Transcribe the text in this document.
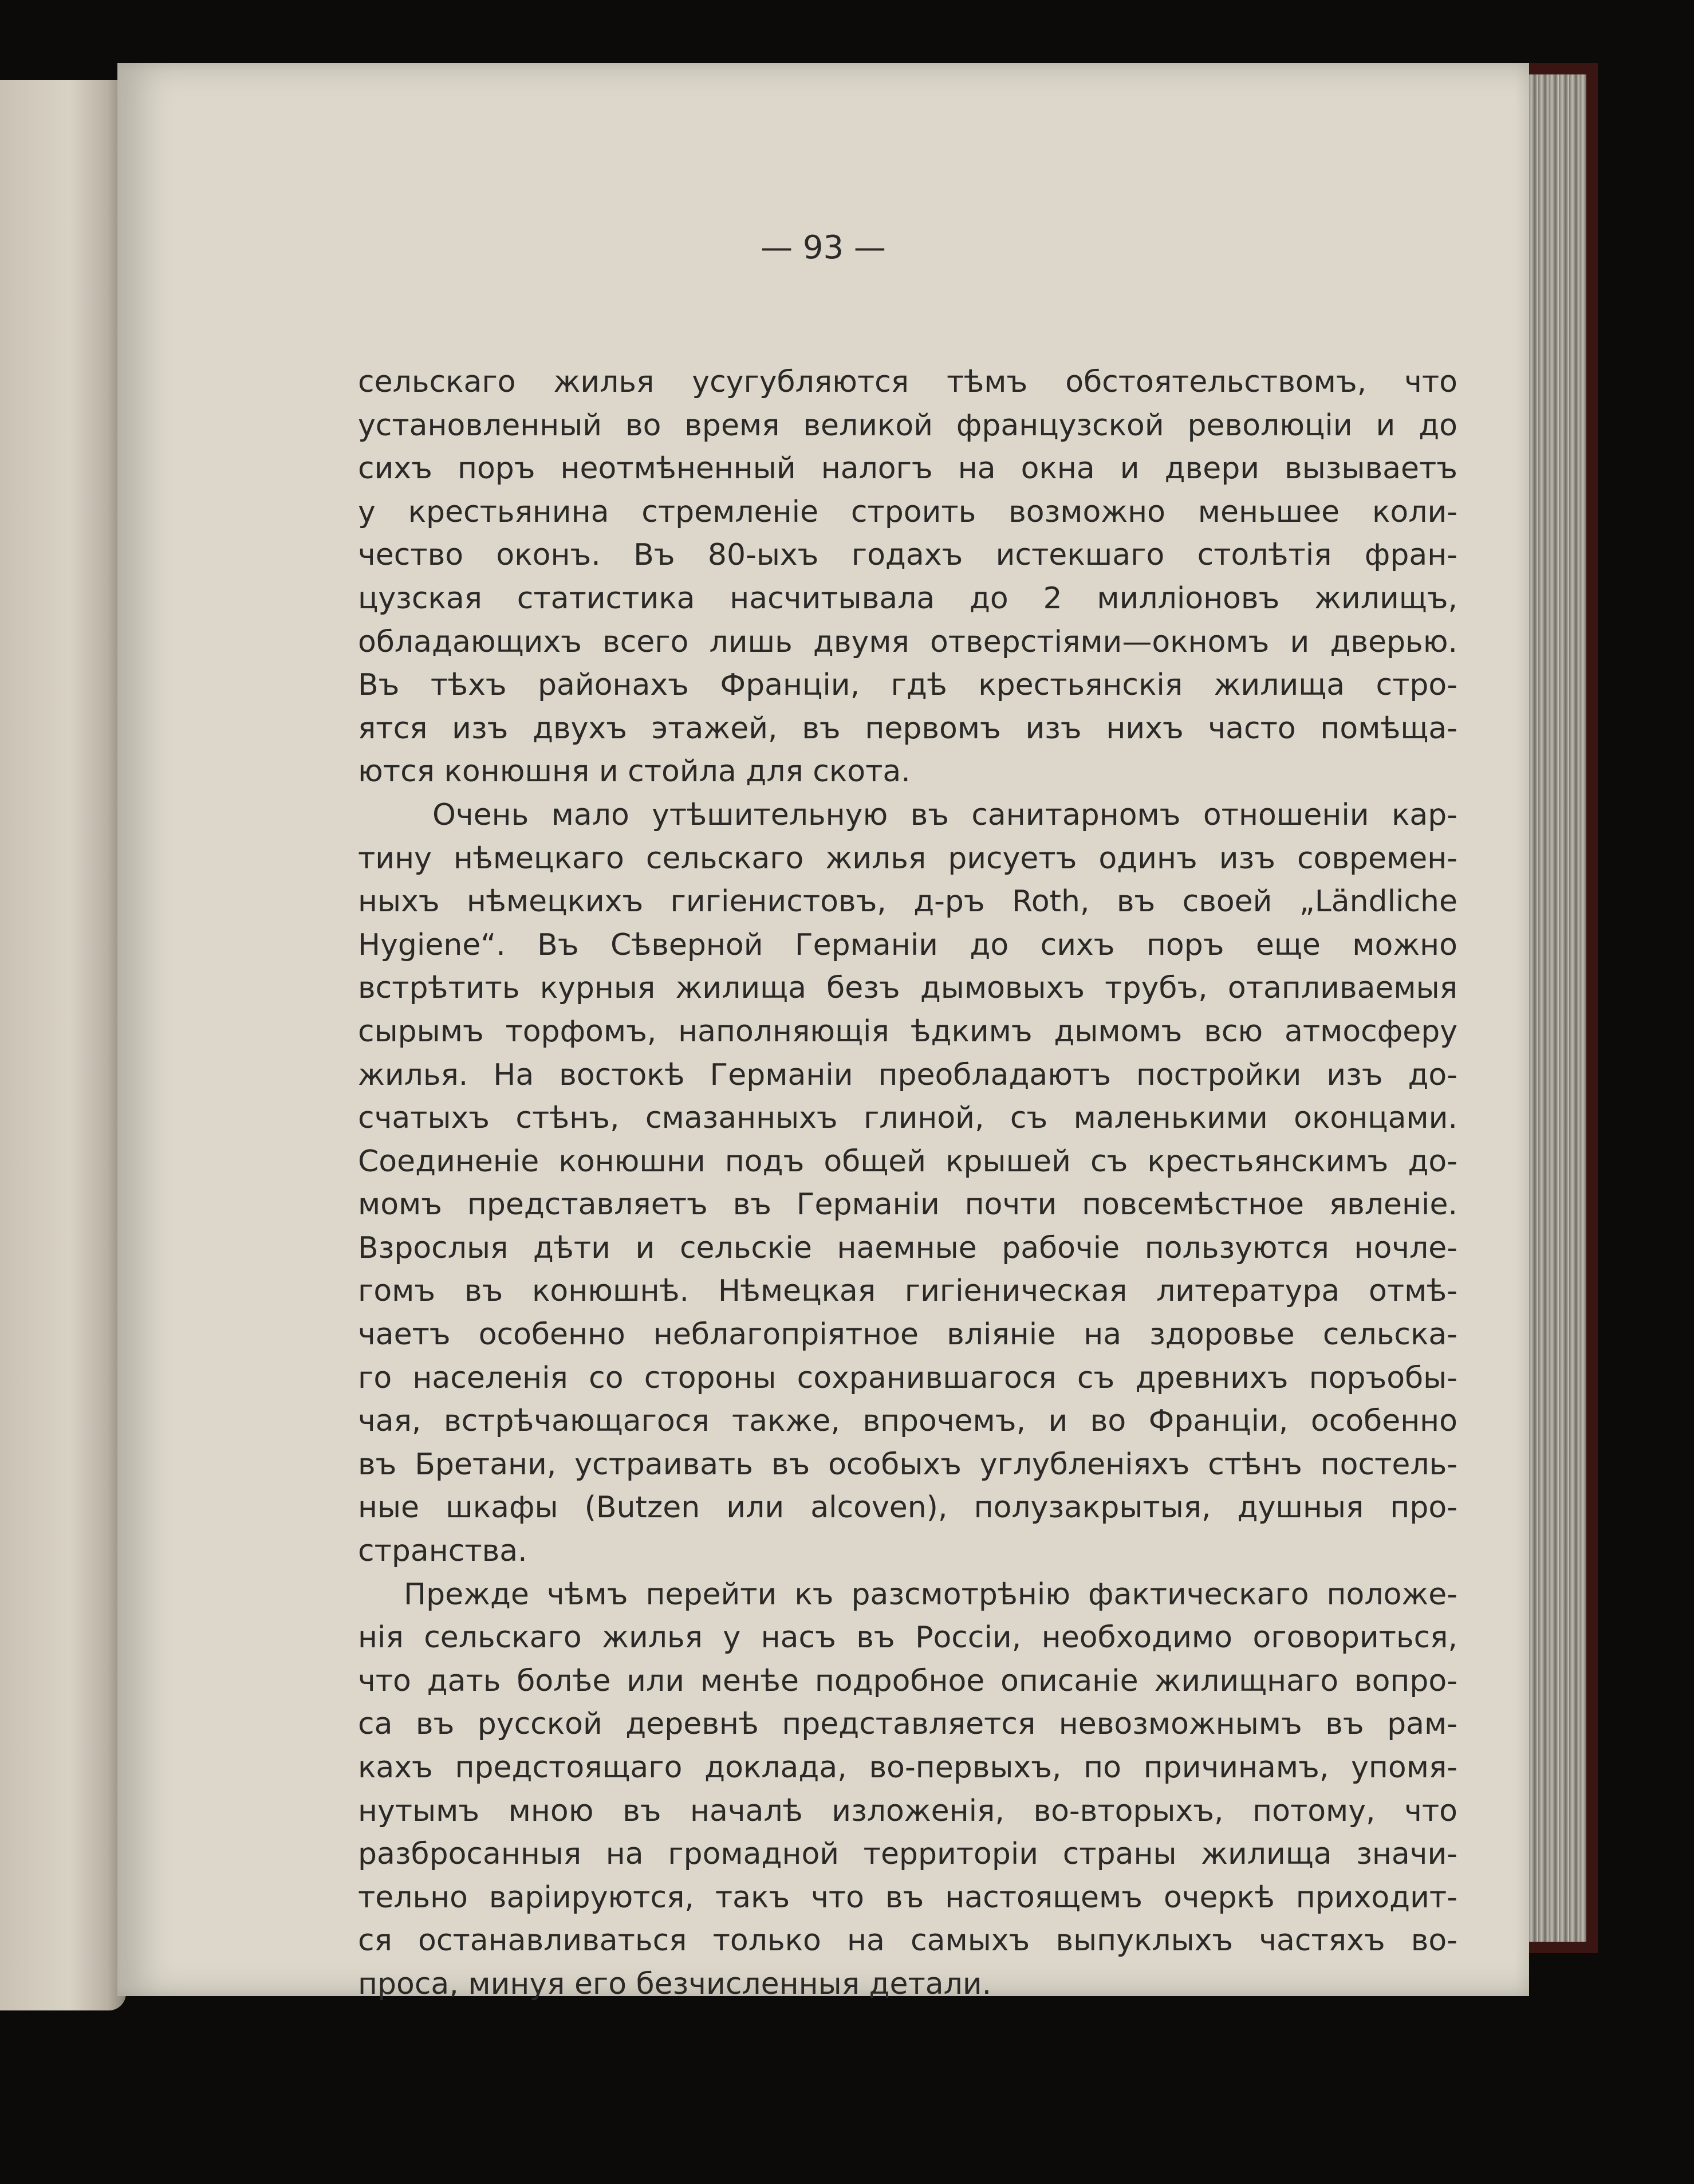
— 93 —
сельскаго жилья усугубляются тѣмъ обстоятельствомъ, что
установленный во время великой французской революцiи и до
сихъ поръ неотмѣненный налогъ на окна и двери вызываетъ
у крестьянина стремленiе строить возможно меньшее коли-
чество оконъ. Въ 80-ыхъ годахъ истекшаго столѣтiя фран-
цузская статистика насчитывала до 2 миллiоновъ жилищъ,
обладающихъ всего лишь двумя отверстiями—окномъ и дверью.
Въ тѣхъ районахъ Францiи, гдѣ крестьянскiя жилища стро-
ятся изъ двухъ этажей, въ первомъ изъ нихъ часто помѣща-
ются конюшня и стойла для скота.
Очень мало утѣшительную въ санитарномъ отношенiи кар-
тину нѣмецкаго сельскаго жилья рисуетъ одинъ изъ современ-
ныхъ нѣмецкихъ гигiенистовъ, д-ръ Roth, въ своей „Ländliche
Hygiene“. Въ Сѣверной Германiи до сихъ поръ еще можно
встрѣтить курныя жилища безъ дымовыхъ трубъ, отапливаемыя
сырымъ торфомъ, наполняющiя ѣдкимъ дымомъ всю атмосферу
жилья. На востокѣ Германiи преобладаютъ постройки изъ до-
счатыхъ стѣнъ, смазанныхъ глиной, съ маленькими оконцами.
Соединенiе конюшни подъ общей крышей съ крестьянскимъ до-
момъ представляетъ въ Германiи почти повсемѣстное явленiе.
Взрослыя дѣти и сельскiе наемные рабочiе пользуются ночле-
гомъ въ конюшнѣ. Нѣмецкая гигiеническая литература отмѣ-
чаетъ особенно неблагопрiятное влiянiе на здоровье сельска-
го населенiя со стороны сохранившагося съ древнихъ поръобы-
чая, встрѣчающагося также, впрочемъ, и во Францiи, особенно
въ Бретани, устраивать въ особыхъ углубленiяхъ стѣнъ постель-
ные шкафы (Butzen или alcoven), полузакрытыя, душныя про-
странства.
Прежде чѣмъ перейти къ разсмотрѣнiю фактическаго положе-
нiя сельскаго жилья у насъ въ Россiи, необходимо оговориться,
что дать болѣе или менѣе подробное описанiе жилищнаго вопро-
са въ русской деревнѣ представляется невозможнымъ въ рам-
кахъ предстоящаго доклада, во-первыхъ, по причинамъ, упомя-
нутымъ мною въ началѣ изложенiя, во-вторыхъ, потому, что
разбросанныя на громадной территорiи страны жилища значи-
тельно варiируются, такъ что въ настоящемъ очеркѣ приходит-
ся останавливаться только на самыхъ выпуклыхъ частяхъ во-
проса, минуя его безчисленныя детали.
